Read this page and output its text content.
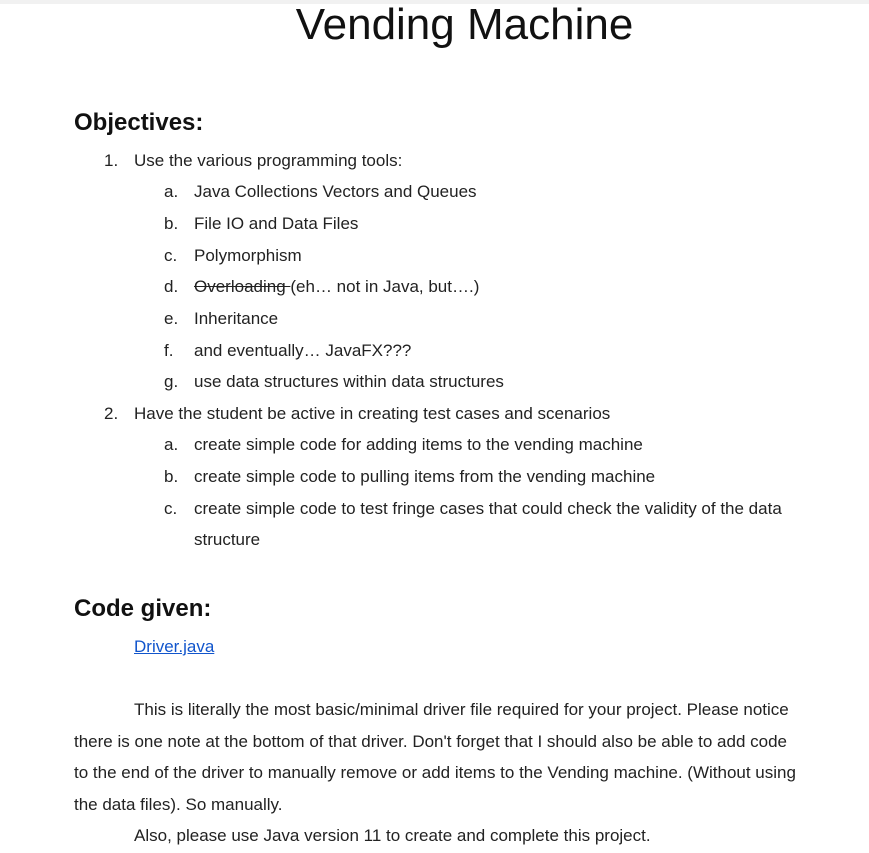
Vending Machine
Objectives:
1. Use the various programming tools:
a. Java Collections Vectors and Queues
b. File IO and Data Files
c. Polymorphism
d. Overloading (eh… not in Java, but….)
e. Inheritance
f. and eventually… JavaFX???
g. use data structures within data structures
2. Have the student be active in creating test cases and scenarios
a. create simple code for adding items to the vending machine
b. create simple code to pulling items from the vending machine
c. create simple code to test fringe cases that could check the validity of the data
structure
Code given:
Driver.java
This is literally the most basic/minimal driver file required for your project. Please notice
there is one note at the bottom of that driver. Don't forget that I should also be able to add code
to the end of the driver to manually remove or add items to the Vending machine. (Without using
the data files). So manually.
Also, please use Java version 11 to create and complete this project.
